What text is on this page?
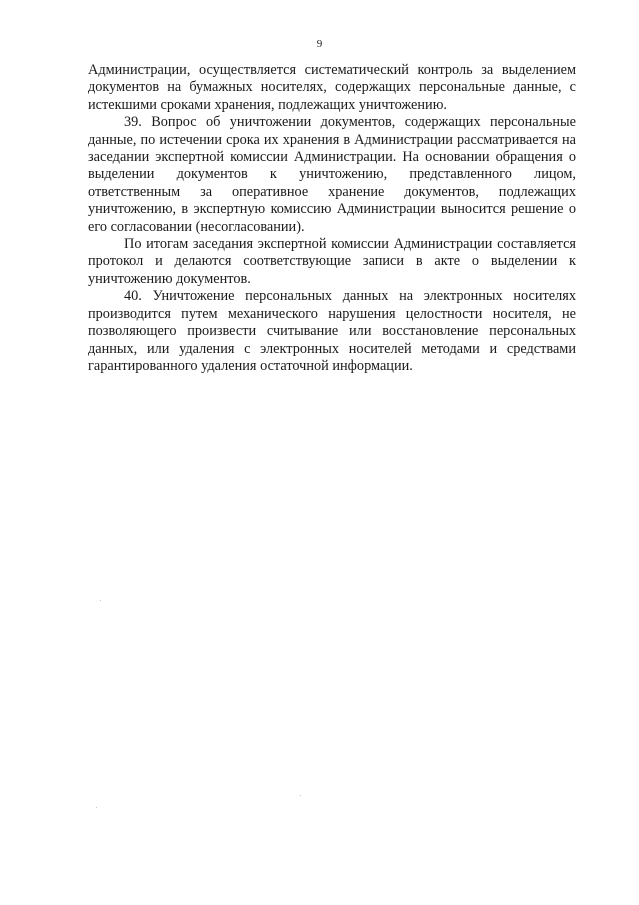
9

Администрации, осуществляется систематический контроль за выделением документов на бумажных носителях, содержащих персональные данные, с истекшими сроками хранения, подлежащих уничтожению.

39. Вопрос об уничтожении документов, содержащих персональные данные, по истечении срока их хранения в Администрации рассматривается на заседании экспертной комиссии Администрации. На основании обращения о выделении документов к уничтожению, представленного лицом, ответственным за оперативное хранение документов, подлежащих уничтожению, в экспертную комиссию Администрации выносится решение о его согласовании (несогласовании).

По итогам заседания экспертной комиссии Администрации составляется протокол и делаются соответствующие записи в акте о выделении к уничтожению документов.

40. Уничтожение персональных данных на электронных носителях производится путем механического нарушения целостности носителя, не позволяющего произвести считывание или восстановление персональных данных, или удаления с электронных носителей методами и средствами гарантированного удаления остаточной информации.
